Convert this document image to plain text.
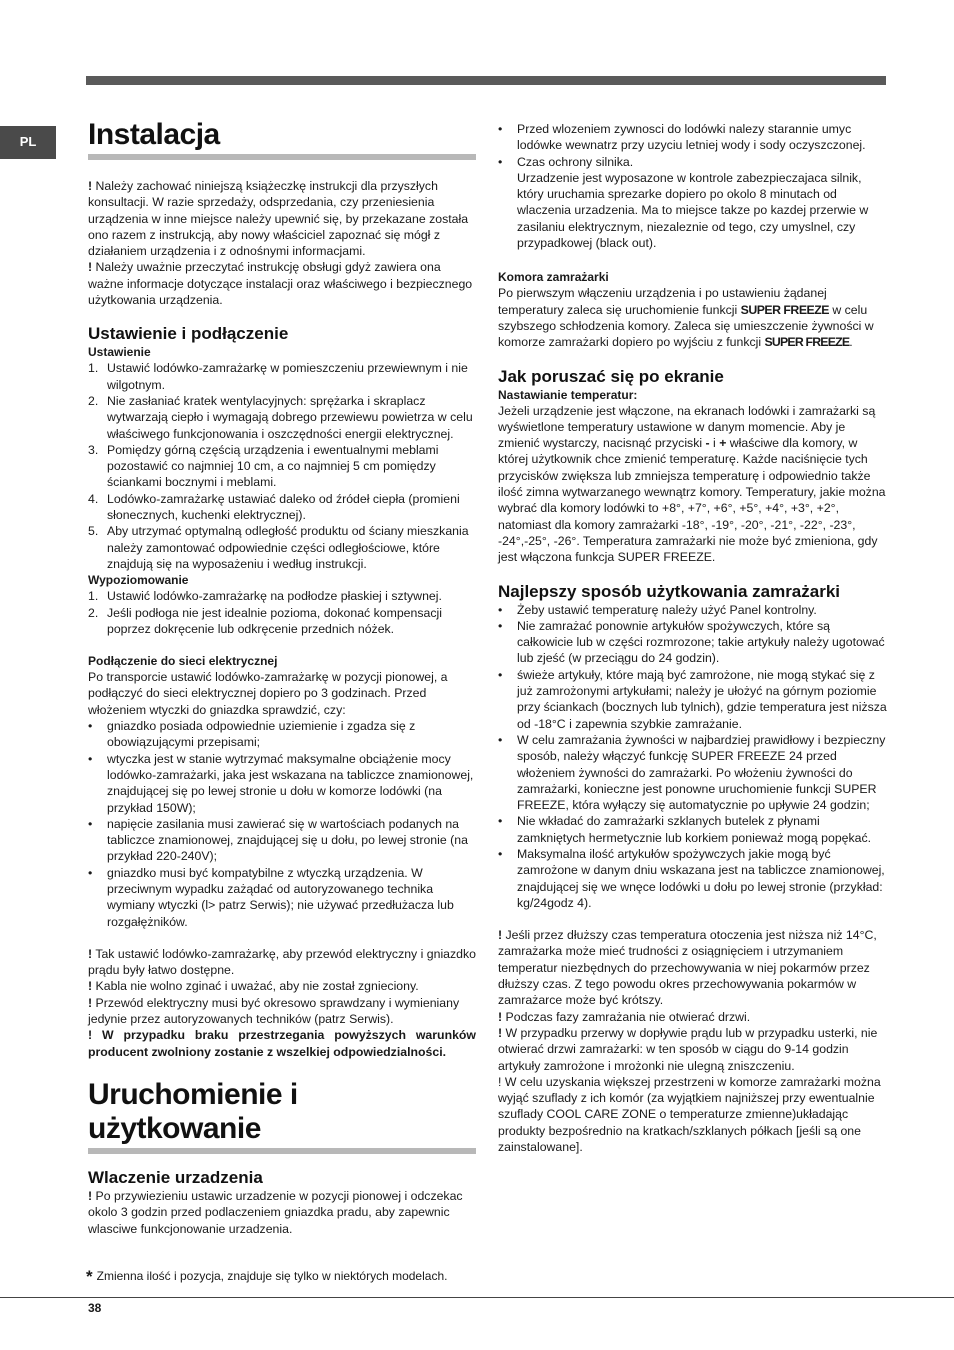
PL	Instalacja

! Należy zachować niniejszą książeczkę instrukcji dla przyszłych konsultacji. W razie sprzedaży, odsprzedania, czy przeniesienia urządzenia w inne miejsce należy upewnić się, by przekazane została ono razem z instrukcją, aby nowy właściciel zapoznać się mógł z działaniem urządzenia i z odnośnymi informacjami.

! Należy uważnie przeczytać instrukcję obsługi gdyż zawiera ona ważne informacje dotyczące instalacji oraz właściwego i bezpiecznego użytkowania urządzenia.

Ustawienie i podłączenie
Ustawienie
1. Ustawić lodówko-zamrażarkę w pomieszczeniu przewiewnym i nie wilgotnym.
2. Nie zasłaniać kratek wentylacyjnych: sprężarka i skraplacz wytwarzają ciepło i wymagają dobrego przewiewu powietrza w celu właściwego funkcjonowania i oszczędności energii elektrycznej.
3. Pomiędzy górną częścią urządzenia i ewentualnymi meblami pozostawić co najmniej 10 cm, a co najmniej 5 cm pomiędzy ściankami bocznymi i meblami.
4. Lodówko-zamrażarkę ustawiać daleko od źródeł ciepła (promieni słonecznych, kuchenki elektrycznej).
5. Aby utrzymać optymalną odległość produktu od ściany mieszkania należy zamontować odpowiednie części odległościowe, które znajdują się na wyposażeniu i według instrukcji.
Wypoziomowanie
1. Ustawić lodówko-zamrażarkę na podłodze płaskiej i sztywnej.
2. Jeśli podłoga nie jest idealnie pozioma, dokonać kompensacji poprzez dokręcenie lub odkręcenie przednich nóżek.
Podłączenie do sieci elektrycznej

Po transporcie ustawić lodówko-zamrażarkę w pozycji pionowej, a podłączyć do sieci elektrycznej dopiero po 3 godzinach. Przed włożeniem wtyczki do gniazdka sprawdzić, czy:

• gniazdko posiada odpowiednie uziemienie i zgadza się z obowiązującymi przepisami;
• wtyczka jest w stanie wytrzymać maksymalne obciążenie mocy lodówko-zamrażarki, jaka jest wskazana na tabliczce znamionowej, znajdującej się po lewej stronie u dołu w komorze lodówki (na przykład 150W);
• napięcie zasilania musi zawierać się w wartościach podanych na tabliczce znamionowej, znajdującej się u dołu, po lewej stronie (na przykład 220-240V);
• gniazdko musi być kompatybilne z wtyczką urządzenia. W przeciwnym wypadku zażądać od autoryzowanego technika wymiany wtyczki (l> patrz Serwis); nie używać przedłużacza lub rozgałężników.

! Tak ustawić lodówko-zamrażarkę, aby przewód elektryczny i gniazdko prądu były łatwo dostępne.

! Kabla nie wolno zginać i uważać, aby nie został zgnieciony.

! Przewód elektryczny musi być okresowo sprawdzany i wymieniany jedynie przez autoryzowanych techników (patrz Serwis).

! W przypadku braku przestrzegania powyższych warunków producent zwolniony zostanie z wszelkiej odpowiedzialności.

Uruchomienie i użytkowanie
Wlaczenie urzadzenia

! Po przywiezieniu ustawic urzadzenie w pozycji pionowej i odczekac okolo 3 godzin przed podlaczeniem gniazdka pradu, aby zapewnic wlasciwe funkcjonowanie urzadzenia.

• Przed wlozeniem zywnosci do lodówki nalezy starannie umyc lodówke wewnatrz przy uzyciu letniej wody i sody oczyszczonej.
• Czas ochrony silnika.

Urzadzenie jest wyposazone w kontrole zabezpieczajaca silnik, który uruchamia sprezarke dopiero po okolo 8 minutach od wlaczenia urzadzenia. Ma to miejsce takze po kazdej przerwie w zasilaniu elektrycznym, niezaleznie od tego, czy umyslnel, czy przypadkowej (black out).

Komora zamrażarki

Po pierwszym włączeniu urządzenia i po ustawieniu żądanej temperatury zaleca się uruchomienie funkcji SUPER FREEZE w celu szybszego schłodzenia komory. Zaleca się umieszczenie żywności w komorze zamrażarki dopiero po wyjściu z funkcji SUPER FREEZE.

Jak poruszać się po ekranie
Nastawianie temperatur:

Jeżeli urządzenie jest włączone, na ekranach lodówki i zamrażarki są wyświetlone temperatury ustawione w danym momencie. Aby je zmienić wystarczy, nacisnąć przyciski - i + właściwe dla komory, w której użytkownik chce zmienić temperaturę. Każde naciśnięcie tych przycisków zwiększa lub zmniejsza temperaturę i odpowiednio także ilość zimna wytwarzanego wewnątrz komory. Temperatury, jakie można wybrać dla komory lodówki to +8°, +7°, +6°, +5°, +4°, +3°, +2°, natomiast dla komory zamrażarki -18°, -19°, -20°, -21°, -22°, -23°, -24°,-25°, -26°. Temperatura zamrażarki nie może być zmieniona, gdy jest włączona funkcja SUPER FREEZE.

Najlepszy sposób użytkowania zamrażarki
• Żeby ustawić temperaturę należy użyć Panel kontrolny.
• Nie zamrażać ponownie artykułów spożywczych, które są całkowicie lub w części rozmrozone; takie artykuły należy ugotować lub zjeść (w przeciągu do 24 godzin).
• świeże artykuły, które mają być zamrożone, nie mogą stykać się z już zamrożonymi artykułami; należy je ułożyć na górnym poziomie przy ściankach (bocznych lub tylnich), gdzie temperatura jest niższa od -18°C i zapewnia szybkie zamrażanie.
• W celu zamrażania żywności w najbardziej prawidłowy i bezpieczny sposób, należy włączyć funkcję SUPER FREEZE 24 przed włożeniem żywności do zamrażarki. Po włożeniu żywności do zamrażarki, konieczne jest ponowne uruchomienie funkcji SUPER FREEZE, która wyłączy się automatycznie po upływie 24 godzin;
• Nie wkładać do zamrażarki szklanych butelek z płynami zamkniętych hermetycznie lub korkiem ponieważ mogą popękać.
• Maksymalna ilość artykułów spożywczych jakie mogą być zamrożone w danym dniu wskazana jest na tabliczce znamionowej, znajdującej się we wnęce lodówki u dołu po lewej stronie (przykład: kg/24godz 4).

! Jeśli przez dłuższy czas temperatura otoczenia jest niższa niż 14°C, zamrażarka może mieć trudności z osiągnięciem i utrzymaniem temperatur niezbędnych do przechowywania w niej pokarmów przez dłuższy czas. Z tego powodu okres przechowywania pokarmów w zamrażarce może być krótszy.

! Podczas fazy zamrażania nie otwierać drzwi.

! W przypadku przerwy w dopływie prądu lub w przypadku usterki, nie otwierać drzwi zamrażarki: w ten sposób w ciągu do 9-14 godzin artykuły zamrożone i mrożonki nie ulegną zniszczeniu.

! W celu uzyskania większej przestrzeni w komorze zamrażarki można wyjąć szuflady z ich komór (za wyjątkiem najniższej przy ewentualnie szuflady COOL CARE ZONE o temperaturze zmienne)układając produkty bezpośrednio na kratkach/szklanych półkach [jeśli są one zainstalowane].

* Zmienna ilość i pozycja, znajduje się tylko w niektórych modelach.
38
